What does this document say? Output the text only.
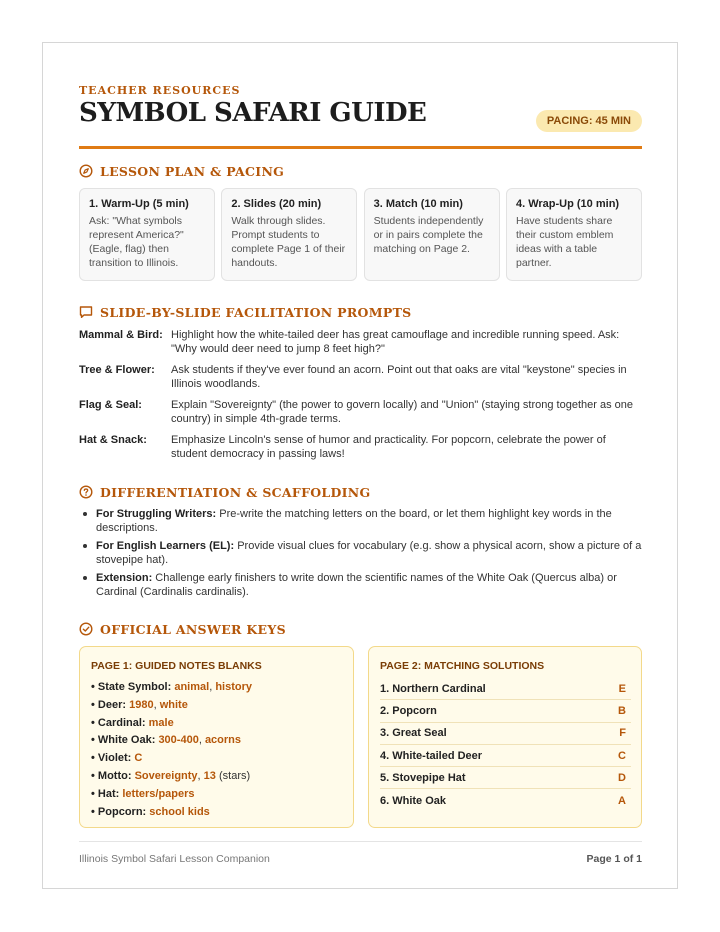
TEACHER RESOURCES
SYMBOL SAFARI GUIDE	PACING: 45 MIN
LESSON PLAN & PACING
1. Warm-Up (5 min)
Ask: "What symbols represent America?" (Eagle, flag) then transition to Illinois.
2. Slides (20 min)
Walk through slides. Prompt students to complete Page 1 of their handouts.
3. Match (10 min)
Students independently or in pairs complete the matching on Page 2.
4. Wrap-Up (10 min)
Have students share their custom emblem ideas with a table partner.
SLIDE-BY-SLIDE FACILITATION PROMPTS
Mammal & Bird: Highlight how the white-tailed deer has great camouflage and incredible running speed. Ask: "Why would deer need to jump 8 feet high?"
Tree & Flower:	Ask students if they've ever found an acorn. Point out that oaks are vital "keystone" species in Illinois woodlands.
Flag & Seal:	Explain "Sovereignty" (the power to govern locally) and "Union" (staying strong together as one country) in simple 4th-grade terms.
Hat & Snack:	Emphasize Lincoln's sense of humor and practicality. For popcorn, celebrate the power of student democracy in passing laws!
DIFFERENTIATION & SCAFFOLDING
For Struggling Writers: Pre-write the matching letters on the board, or let them highlight key words in the descriptions.
For English Learners (EL): Provide visual clues for vocabulary (e.g. show a physical acorn, show a picture of a stovepipe hat).
Extension: Challenge early finishers to write down the scientific names of the White Oak (Quercus alba) or Cardinal (Cardinalis cardinalis).
OFFICIAL ANSWER KEYS
PAGE 1: GUIDED NOTES BLANKS
• State Symbol: animal, history
• Deer: 1980, white
• Cardinal: male
• White Oak: 300-400, acorns
• Violet: C
• Motto: Sovereignty, 13 (stars)
• Hat: letters/papers
• Popcorn: school kids
PAGE 2: MATCHING SOLUTIONS
1. Northern Cardinal	E
2. Popcorn	B
3. Great Seal	F
4. White-tailed Deer	C
5. Stovepipe Hat	D
6. White Oak	A
Illinois Symbol Safari Lesson Companion	Page 1 of 1
